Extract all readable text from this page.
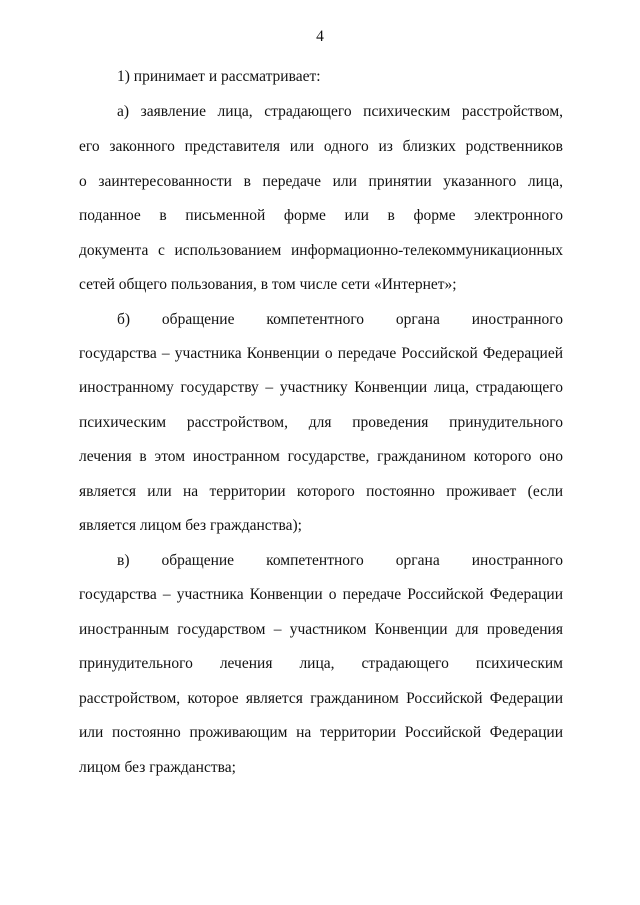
4
1) принимает и рассматривает:
а) заявление лица, страдающего психическим расстройством,
его законного представителя или одного из близких родственников
о заинтересованности в передаче или принятии указанного лица,
поданное в письменной форме или в форме электронного
документа с использованием информационно-телекоммуникационных
сетей общего пользования, в том числе сети «Интернет»;
б) обращение компетентного органа иностранного
государства – участника Конвенции о передаче Российской Федерацией
иностранному государству – участнику Конвенции лица, страдающего
психическим расстройством, для проведения принудительного
лечения в этом иностранном государстве, гражданином которого оно
является или на территории которого постоянно проживает (если
является лицом без гражданства);
в) обращение компетентного органа иностранного
государства – участника Конвенции о передаче Российской Федерации
иностранным государством – участником Конвенции для проведения
принудительного лечения лица, страдающего психическим
расстройством, которое является гражданином Российской Федерации
или постоянно проживающим на территории Российской Федерации
лицом без гражданства;
